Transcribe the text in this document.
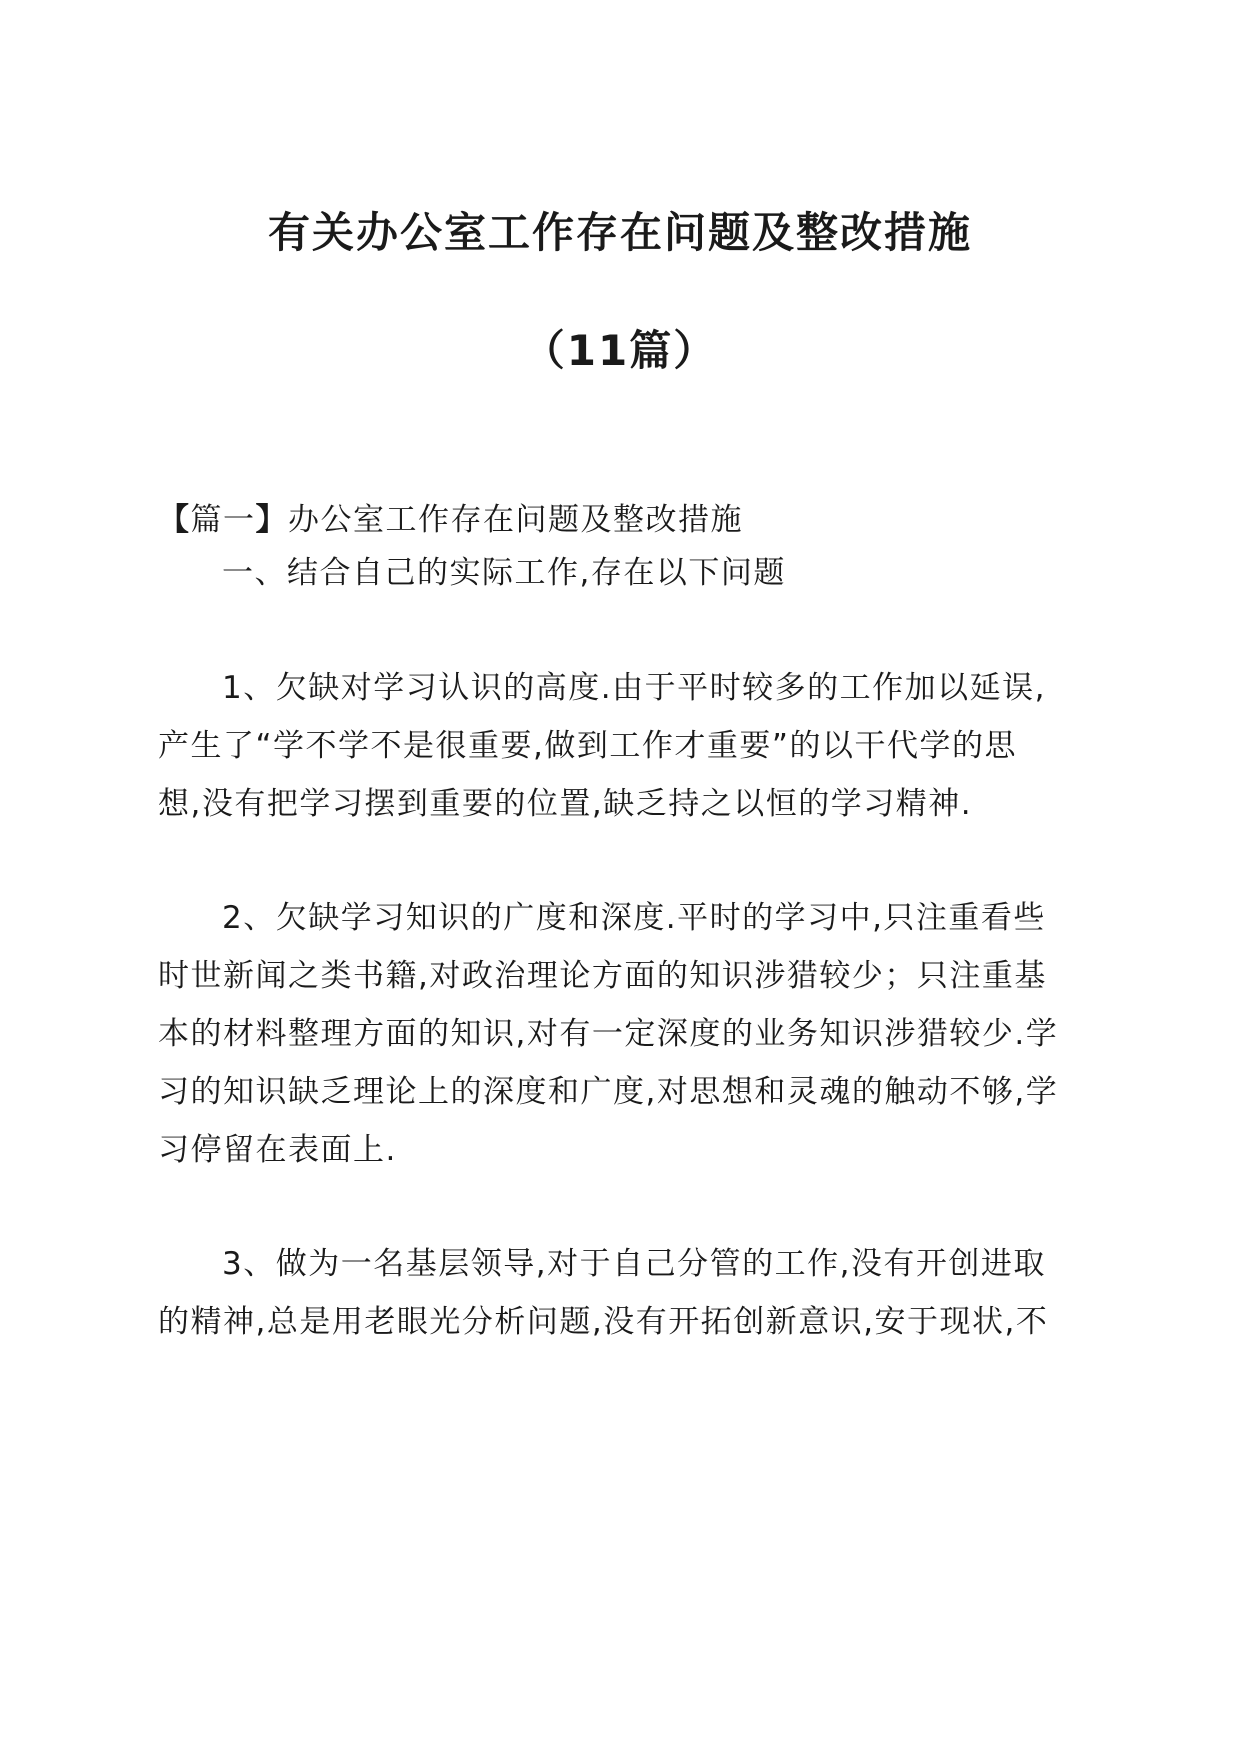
有关办公室工作存在问题及整改措施
（11篇）
【篇一】办公室工作存在问题及整改措施
一、结合自己的实际工作,存在以下问题
1、欠缺对学习认识的高度.由于平时较多的工作加以延误,
产生了“学不学不是很重要,做到工作才重要”的以干代学的思
想,没有把学习摆到重要的位置,缺乏持之以恒的学习精神.
2、欠缺学习知识的广度和深度.平时的学习中,只注重看些
时世新闻之类书籍,对政治理论方面的知识涉猎较少；只注重基
本的材料整理方面的知识,对有一定深度的业务知识涉猎较少.学
习的知识缺乏理论上的深度和广度,对思想和灵魂的触动不够,学
习停留在表面上.
3、做为一名基层领导,对于自己分管的工作,没有开创进取
的精神,总是用老眼光分析问题,没有开拓创新意识,安于现状,不
